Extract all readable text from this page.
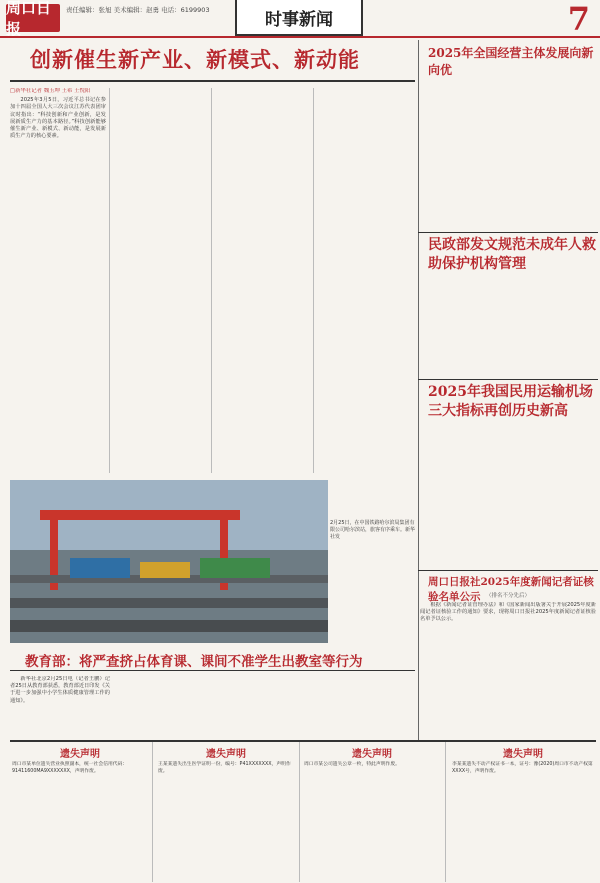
周口日报
责任编辑：张旭 美术编辑：赵勇 电话：6199903	时事新闻	7
创新催生新产业、新模式、新动能
□新华社记者 魏玉坤 王希 王悦阳

2025年3月5日，习近平总书记在参加十四届全国人大三次会议江苏代表团审议时指出：“科技创新和产业创新，是发展新质生产力的基本路径。”科技创新能够催生新产业、新模式、新动能，是发展新质生产力的核心要素。

2025年全国经营主体发展向新向优
民政部发文规范未成年人救助保护机构管理
2025年我国民用运输机场三大指标再创历史新高
周口日报社2025年度新闻记者证核验名单公示 （排名不分先后）

根据《新闻记者证管理办法》和《国家新闻出版署关于开展2025年度新闻记者证核验工作的通知》要求，现将周口日报社2025年度新闻记者证核验名单予以公示。

2月25日，在中国铁路哈尔滨局集团有限公司哈尔滨站，旅客有序乘车。新华社发
教育部：将严查挤占体育课、课间不准学生出教室等行为

新华社北京2月25日电（记者王鹏）记者25日从教育部获悉，教育部近日印发《关于进一步加强中小学生体质健康管理工作的通知》。

遗失声明
周口市某单位遗失营业执照副本，统一社会信用代码：91411600MA9XXXXXXX，声明作废。
遗失声明
王某某遗失出生医学证明一份，编号：P41XXXXXXX，声明作废。
遗失声明
周口市某公司遗失公章一枚，特此声明作废。
遗失声明
李某某遗失不动产权证书一本，证号：豫(2020)周口市不动产权第XXXX号，声明作废。
